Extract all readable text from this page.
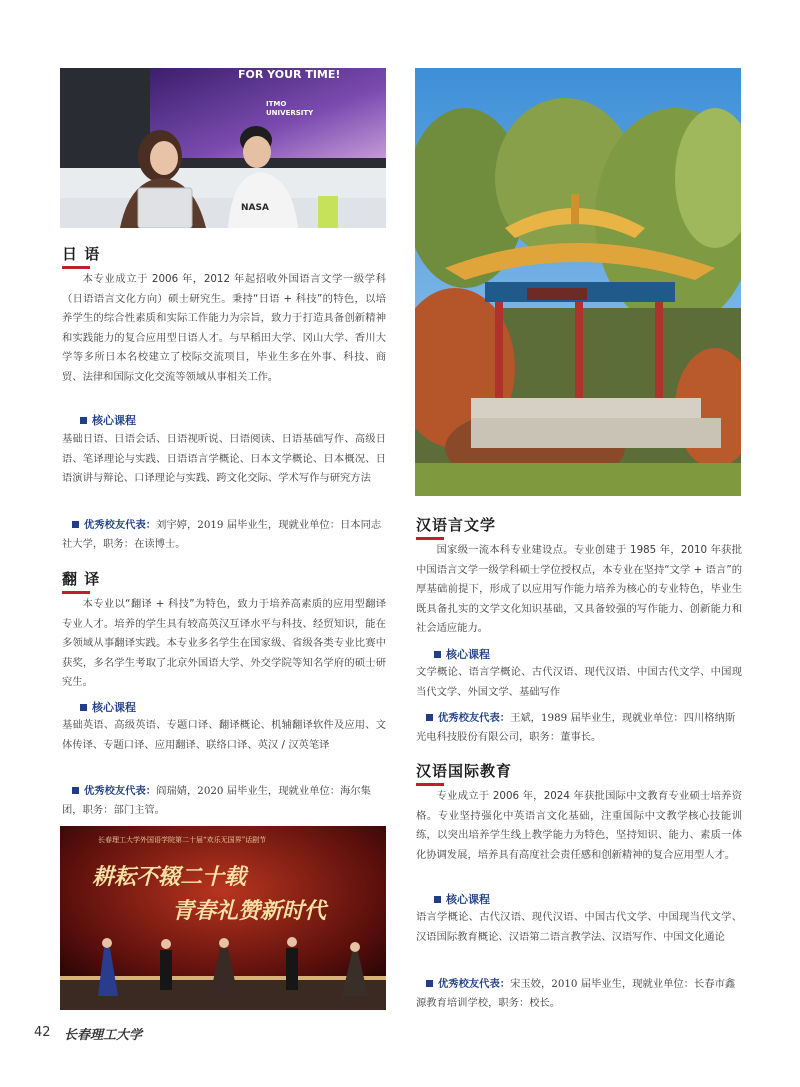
NASA
FOR YOUR TIME!
ITMO
UNIVERSITY
日 语

本专业成立于 2006 年，2012 年起招收外国语言文学一级学科（日语语言文化方向）硕士研究生。秉持“日语 + 科技”的特色，以培养学生的综合性素质和实际工作能力为宗旨，致力于打造具备创新精神和实践能力的复合应用型日语人才。与早稻田大学、冈山大学、香川大学等多所日本名校建立了校际交流项目，毕业生多在外事、科技、商贸、法律和国际文化交流等领域从事相关工作。

核心课程

基础日语、日语会话、日语视听说、日语阅读、日语基础写作、高级日语、笔译理论与实践、日语语言学概论、日本文学概论、日本概况、日语演讲与辩论、口译理论与实践、跨文化交际、学术写作与研究方法

优秀校友代表：刘宇婷，2019 届毕业生，现就业单位：日本同志社大学，职务：在读博士。

翻 译

本专业以“翻译 + 科技”为特色，致力于培养高素质的应用型翻译专业人才。培养的学生具有较高英汉互译水平与科技、经贸知识，能在多领域从事翻译实践。本专业多名学生在国家级、省级各类专业比赛中获奖，多名学生考取了北京外国语大学、外交学院等知名学府的硕士研究生。

核心课程

基础英语、高级英语、专题口译、翻译概论、机辅翻译软件及应用、文体传译、专题口译、应用翻译、联络口译、英汉 / 汉英笔译

优秀校友代表：阎瑞婧，2020 届毕业生，现就业单位：海尔集团，职务：部门主管。

长春理工大学外国语学院第二十届“欢乐无国界”话剧节
耕耘不辍二十载
青春礼赞新时代
汉语言文学

国家级一流本科专业建设点。专业创建于 1985 年，2010 年获批中国语言文学一级学科硕士学位授权点，本专业在坚持“文学 + 语言”的厚基础前提下，形成了以应用写作能力培养为核心的专业特色，毕业生既具备扎实的文学文化知识基础，又具备较强的写作能力、创新能力和社会适应能力。

核心课程

文学概论、语言学概论、古代汉语、现代汉语、中国古代文学、中国现当代文学、外国文学、基础写作

优秀校友代表：王斌，1989 届毕业生，现就业单位：四川格纳斯光电科技股份有限公司，职务：董事长。

汉语国际教育

专业成立于 2006 年，2024 年获批国际中文教育专业硕士培养资格。专业坚持强化中英语言文化基础，注重国际中文教学核心技能训练，以突出培养学生线上教学能力为特色，坚持知识、能力、素质一体化协调发展，培养具有高度社会责任感和创新精神的复合应用型人才。

核心课程

语言学概论、古代汉语、现代汉语、中国古代文学、中国现当代文学、汉语国际教育概论、汉语第二语言教学法、汉语写作、中国文化通论

优秀校友代表：宋玉姣，2010 届毕业生，现就业单位：长春市鑫源教育培训学校，职务：校长。

42 长春理工大学
